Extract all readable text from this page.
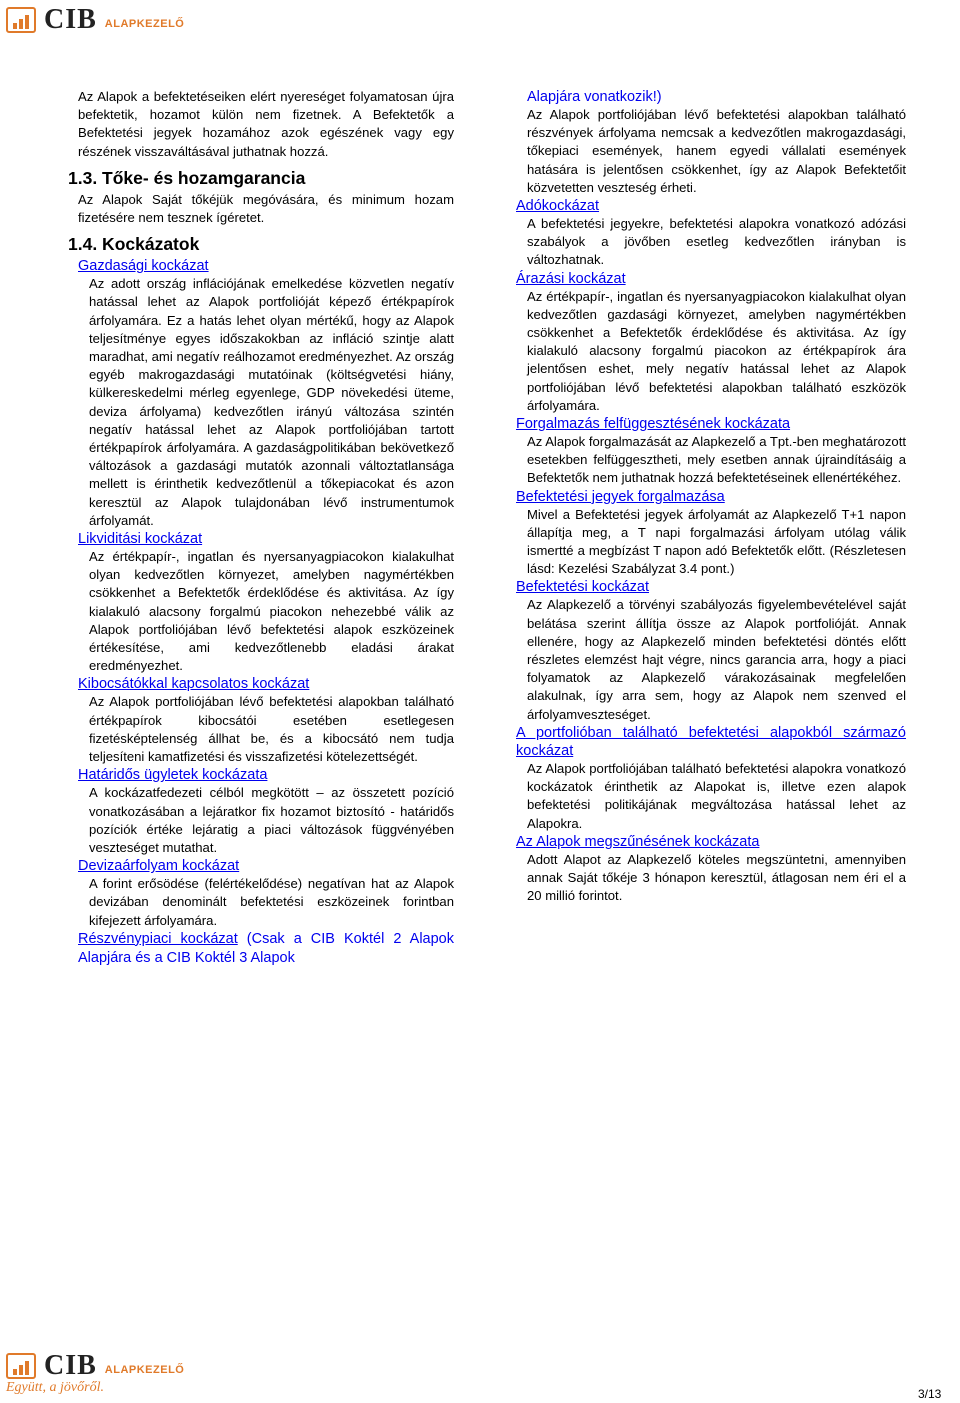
CIB ALAPKEZELŐ

Az Alapok a befektetéseiken elért nyereséget folyamatosan újra befektetik, hozamot külön nem fizetnek. A Befektetők a Befektetési jegyek hozamához azok egészének vagy egy részének visszaváltásával juthatnak hozzá.

1.3. Tőke- és hozamgarancia

Az Alapok Saját tőkéjük megóvására, és minimum hozam fizetésére nem tesznek ígéretet.

1.4. Kockázatok

Gazdasági kockázat

Az adott ország inflációjának emelkedése közvetlen negatív hatással lehet az Alapok portfolióját képező értékpapírok árfolyamára. Ez a hatás lehet olyan mértékű, hogy az Alapok teljesítménye egyes időszakokban az infláció szintje alatt maradhat, ami negatív reálhozamot eredményezhet. Az ország egyéb makrogazdasági mutatóinak (költségvetési hiány, külkereskedelmi mérleg egyenlege, GDP növekedési üteme, deviza árfolyama) kedvezőtlen irányú változása szintén negatív hatással lehet az Alapok portfoliójában tartott értékpapírok árfolyamára. A gazdaságpolitikában bekövetkező változások a gazdasági mutatók azonnali változtatlansága mellett is érinthetik kedvezőtlenül a tőkepiacokat és azon keresztül az Alapok tulajdonában lévő instrumentumok árfolyamát.

Likviditási kockázat

Az értékpapír-, ingatlan és nyersanyagpiacokon kialakulhat olyan kedvezőtlen környezet, amelyben nagymértékben csökkenhet a Befektetők érdeklődése és aktivitása. Az így kialakuló alacsony forgalmú piacokon nehezebbé válik az Alapok portfoliójában lévő befektetési alapok eszközeinek értékesítése, ami kedvezőtlenebb eladási árakat eredményezhet.

Kibocsátókkal kapcsolatos kockázat

Az Alapok portfoliójában lévő befektetési alapokban található értékpapírok kibocsátói esetében esetlegesen fizetésképtelenség állhat be, és a kibocsátó nem tudja teljesíteni kamatfizetési és visszafizetési kötelezettségét.

Határidős ügyletek kockázata

A kockázatfedezeti célból megkötött – az összetett pozíció vonatkozásában a lejáratkor fix hozamot biztosító - határidős pozíciók értéke lejáratig a piaci változások függvényében veszteséget mutathat.

Devizaárfolyam kockázat

A forint erősödése (felértékelődése) negatívan hat az Alapok devizában denominált befektetési eszközeinek forintban kifejezett árfolyamára.

Részvénypiaci kockázat (Csak a CIB Koktél 2 Alapok Alapjára és a CIB Koktél 3 Alapok

Alapjára vonatkozik!)

Az Alapok portfoliójában lévő befektetési alapokban található részvények árfolyama nemcsak a kedvezőtlen makrogazdasági, tőkepiaci események, hanem egyedi vállalati események hatására is jelentősen csökkenhet, így az Alapok Befektetőit közvetetten veszteség érheti.

Adókockázat

A befektetési jegyekre, befektetési alapokra vonatkozó adózási szabályok a jövőben esetleg kedvezőtlen irányban is változhatnak.

Árazási kockázat

Az értékpapír-, ingatlan és nyersanyagpiacokon kialakulhat olyan kedvezőtlen gazdasági környezet, amelyben nagymértékben csökkenhet a Befektetők érdeklődése és aktivitása. Az így kialakuló alacsony forgalmú piacokon az értékpapírok ára jelentősen eshet, mely negatív hatással lehet az Alapok portfoliójában lévő befektetési alapokban található eszközök árfolyamára.

Forgalmazás felfüggesztésének kockázata

Az Alapok forgalmazását az Alapkezelő a Tpt.-ben meghatározott esetekben felfüggesztheti, mely esetben annak újraindításáig a Befektetők nem juthatnak hozzá befektetéseinek ellenértékéhez.

Befektetési jegyek forgalmazása

Mivel a Befektetési jegyek árfolyamát az Alapkezelő T+1 napon állapítja meg, a T napi forgalmazási árfolyam utólag válik ismertté a megbízást T napon adó Befektetők előtt. (Részletesen lásd: Kezelési Szabályzat 3.4 pont.)

Befektetési kockázat

Az Alapkezelő a törvényi szabályozás figyelembevételével saját belátása szerint állítja össze az Alapok portfolióját. Annak ellenére, hogy az Alapkezelő minden befektetési döntés előtt részletes elemzést hajt végre, nincs garancia arra, hogy a piaci folyamatok az Alapkezelő várakozásainak megfelelően alakulnak, így arra sem, hogy az Alapok nem szenved el árfolyamveszteséget.

A portfolióban található befektetési alapokból származó kockázat

Az Alapok portfoliójában található befektetési alapokra vonatkozó kockázatok érinthetik az Alapokat is, illetve ezen alapok befektetési politikájának megváltozása hatással lehet az Alapokra.

Az Alapok megszűnésének kockázata

Adott Alapot az Alapkezelő köteles megszüntetni, amennyiben annak Saját tőkéje 3 hónapon keresztül, átlagosan nem éri el a 20 millió forintot.

CIB ALAPKEZELŐ
Együtt, a jövőről.	3/13
